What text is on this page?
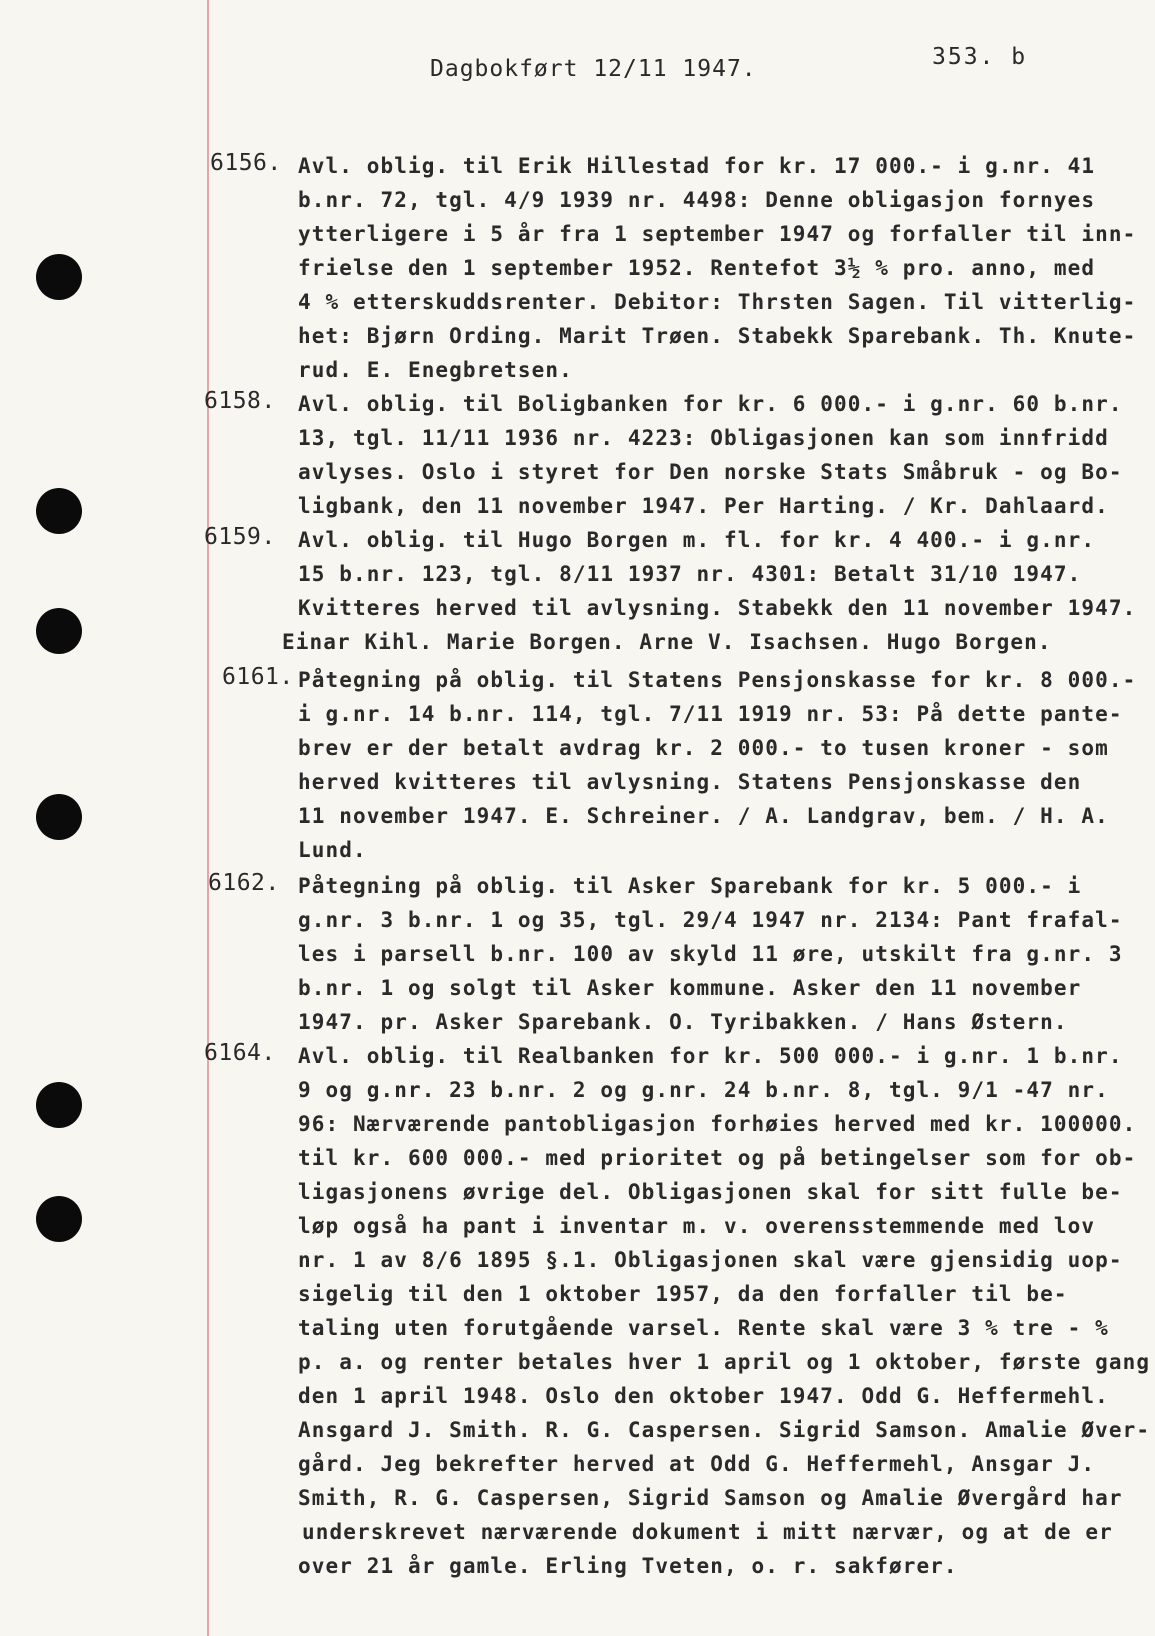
Dagbokført 12/11 1947.	353. b
6156. Avl. oblig. til Erik Hillestad for kr. 17 000.- i g.nr. 41
b.nr. 72, tgl. 4/9 1939 nr. 4498: Denne obligasjon fornyes
ytterligere i 5 år fra 1 september 1947 og forfaller til inn-
frielse den 1 september 1952. Rentefot 3½ % pro. anno, med
4 % etterskuddsrenter. Debitor: Thrsten Sagen. Til vitterlig-
het: Bjørn Ording. Marit Trøen. Stabekk Sparebank. Th. Knute-
rud. E. Enegbretsen.
6158. Avl. oblig. til Boligbanken for kr. 6 000.- i g.nr. 60 b.nr.
13, tgl. 11/11 1936 nr. 4223: Obligasjonen kan som innfridd
avlyses. Oslo i styret for Den norske Stats Småbruk - og Bo-
ligbank, den 11 november 1947. Per Harting. / Kr. Dahlaard.
6159. Avl. oblig. til Hugo Borgen m. fl. for kr. 4 400.- i g.nr.
15 b.nr. 123, tgl. 8/11 1937 nr. 4301: Betalt 31/10 1947.
Kvitteres herved til avlysning. Stabekk den 11 november 1947.
Einar Kihl. Marie Borgen. Arne V. Isachsen. Hugo Borgen.
6161. Påtegning på oblig. til Statens Pensjonskasse for kr. 8 000.-
i g.nr. 14 b.nr. 114, tgl. 7/11 1919 nr. 53: På dette pante-
brev er der betalt avdrag kr. 2 000.- to tusen kroner - som
herved kvitteres til avlysning. Statens Pensjonskasse den
11 november 1947. E. Schreiner. / A. Landgrav, bem. / H. A.
Lund.
6162. Påtegning på oblig. til Asker Sparebank for kr. 5 000.- i
g.nr. 3 b.nr. 1 og 35, tgl. 29/4 1947 nr. 2134: Pant frafal-
les i parsell b.nr. 100 av skyld 11 øre, utskilt fra g.nr. 3
b.nr. 1 og solgt til Asker kommune. Asker den 11 november
1947. pr. Asker Sparebank. O. Tyribakken. / Hans Østern.
6164. Avl. oblig. til Realbanken for kr. 500 000.- i g.nr. 1 b.nr.
9 og g.nr. 23 b.nr. 2 og g.nr. 24 b.nr. 8, tgl. 9/1 -47 nr.
96: Nærværende pantobligasjon forhøies herved med kr. 100000.
til kr. 600 000.- med prioritet og på betingelser som for ob-
ligasjonens øvrige del. Obligasjonen skal for sitt fulle be-
løp også ha pant i inventar m. v. overensstemmende med lov
nr. 1 av 8/6 1895 §.1. Obligasjonen skal være gjensidig uop-
sigelig til den 1 oktober 1957, da den forfaller til be-
taling uten forutgående varsel. Rente skal være 3 % tre - %
p. a. og renter betales hver 1 april og 1 oktober, første gang
den 1 april 1948. Oslo den oktober 1947. Odd G. Heffermehl.
Ansgard J. Smith. R. G. Caspersen. Sigrid Samson. Amalie Øver-
gård. Jeg bekrefter herved at Odd G. Heffermehl, Ansgar J.
Smith, R. G. Caspersen, Sigrid Samson og Amalie Øvergård har
underskrevet nærværende dokument i mitt nærvær, og at de er
over 21 år gamle. Erling Tveten, o. r. sakfører.
